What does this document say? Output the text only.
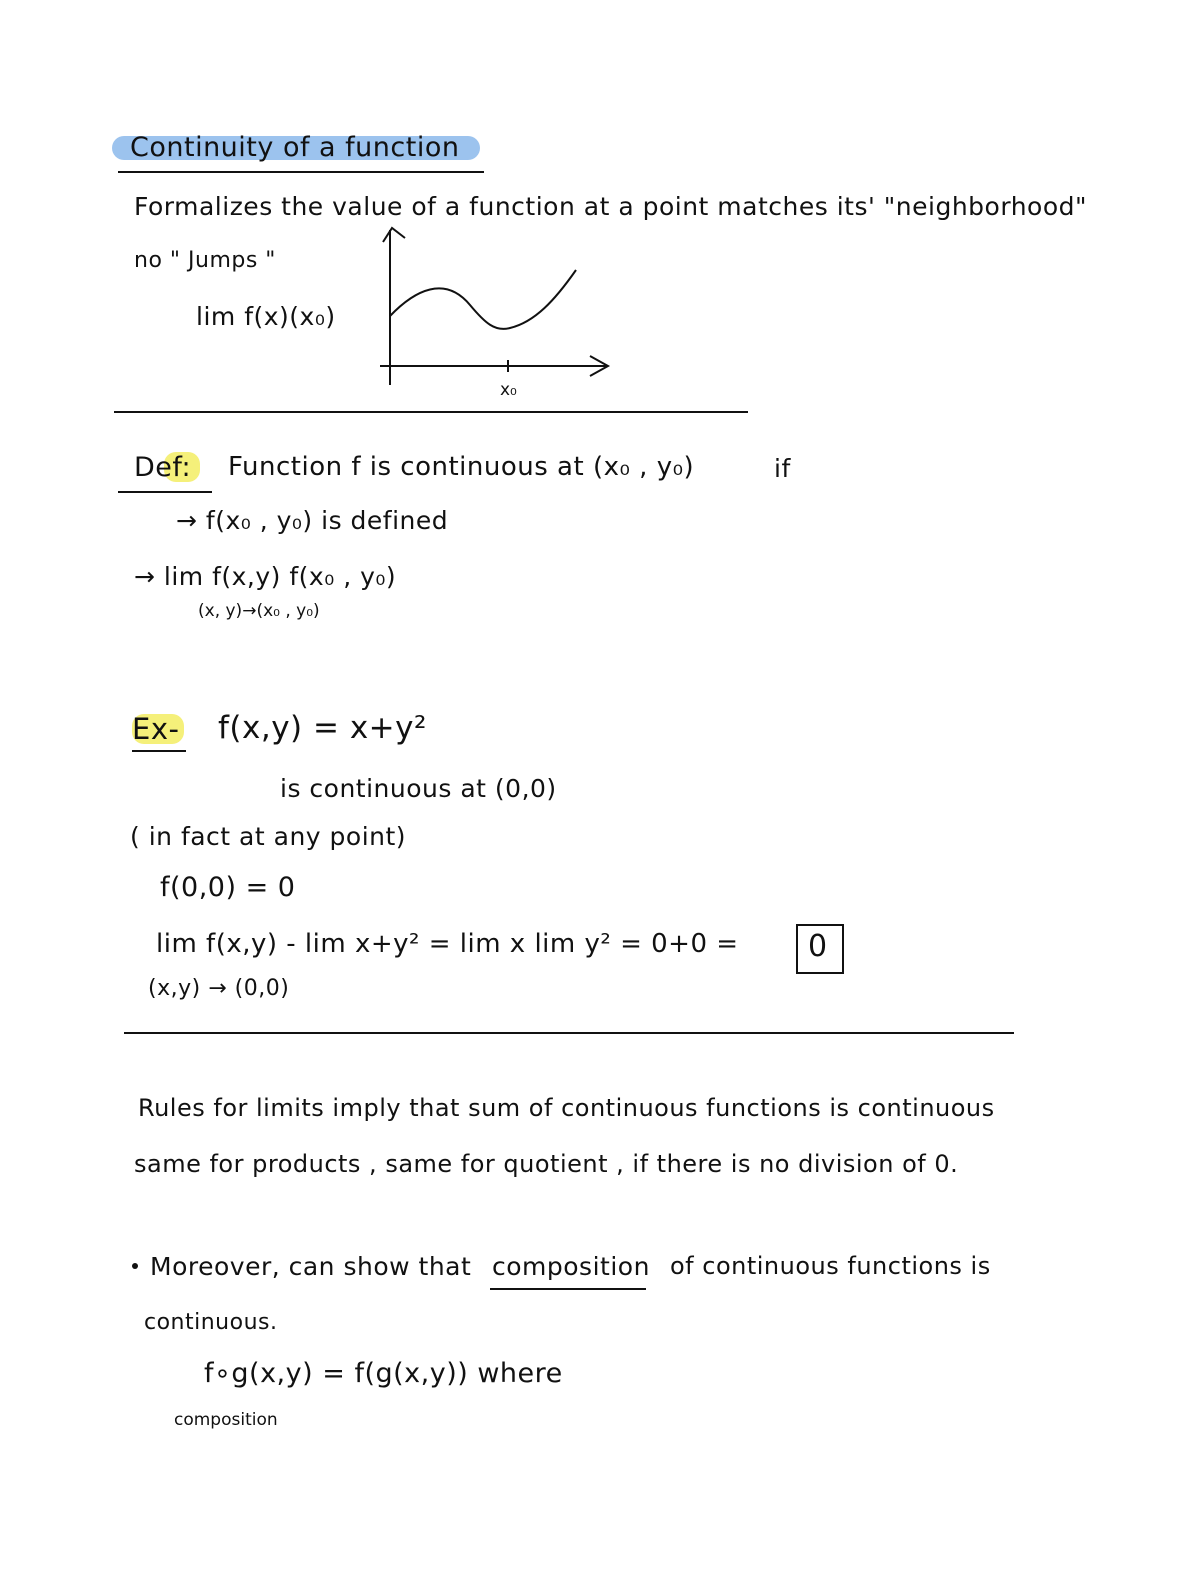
Continuity of a function
Formalizes the value of a function at a point matches its' "neighborhood"
no " Jumps "
lim f(x)(x₀)
x₀
Def: Function f is continuous at (x₀ , y₀)	if
→ f(x₀ , y₀) is defined
→ lim f(x,y) f(x₀ , y₀)
(x, y)→(x₀ , y₀)
Ex- f(x,y) = x+y²
is continuous at (0,0)
( in fact at any point)
f(0,0) = 0
lim f(x,y) - lim x+y² = lim x lim y² = 0+0 = 0
(x,y) → (0,0)
Rules for limits imply that sum of continuous functions is continuous
same for products , same for quotient , if there is no division of 0.
Moreover, can show that composition of continuous functions is
continuous.
f∘g(x,y) = f(g(x,y)) where
composition
